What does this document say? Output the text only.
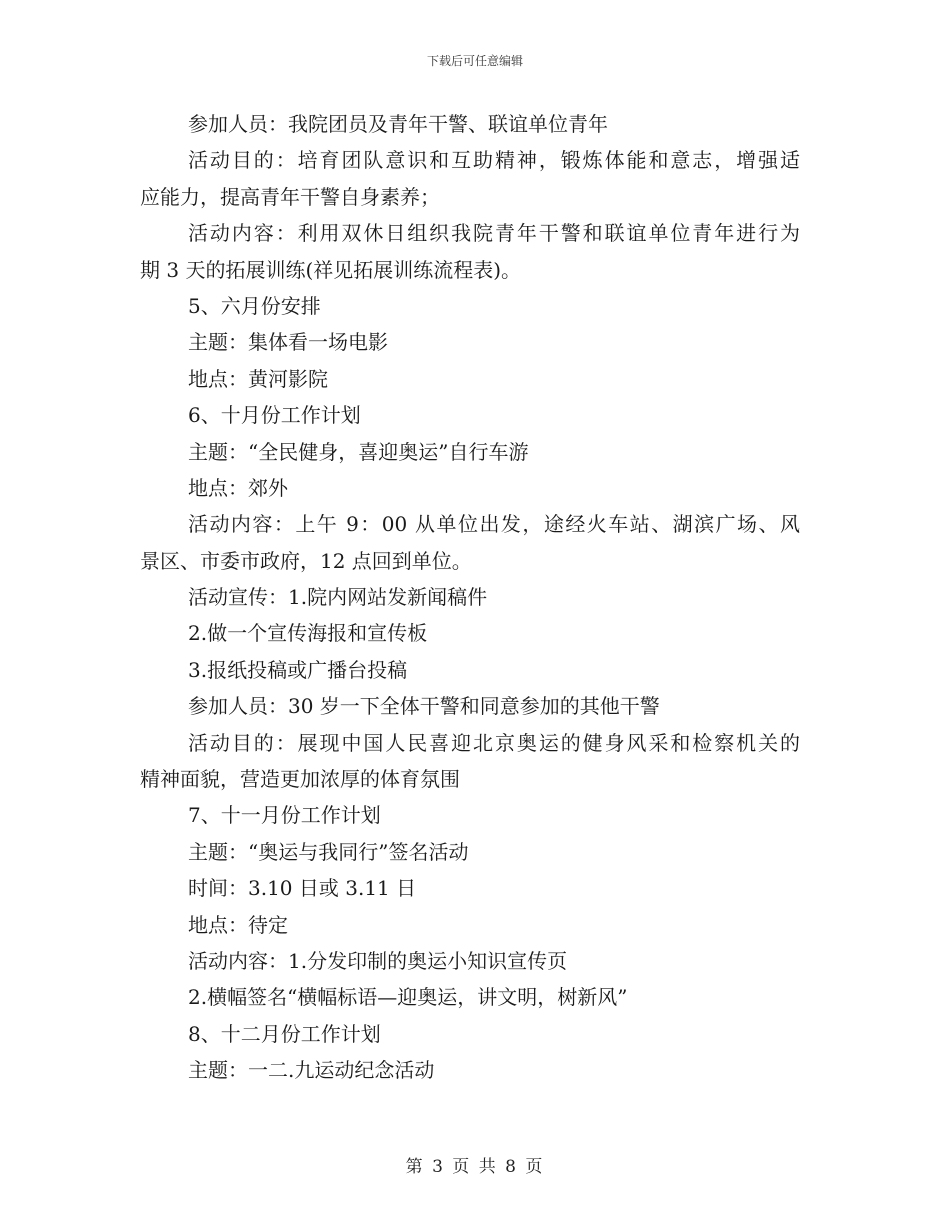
下载后可任意编辑
参加人员：我院团员及青年干警、联谊单位青年
活动目的：培育团队意识和互助精神，锻炼体能和意志，增强适
应能力，提高青年干警自身素养；
活动内容：利用双休日组织我院青年干警和联谊单位青年进行为
期 3 天的拓展训练(祥见拓展训练流程表)。
5、六月份安排
主题：集体看一场电影
地点：黄河影院
6、十月份工作计划
主题：“全民健身，喜迎奥运”自行车游
地点：郊外
活动内容：上午 9：00 从单位出发，途经火车站、湖滨广场、风
景区、市委市政府，12 点回到单位。
活动宣传：1.院内网站发新闻稿件
2.做一个宣传海报和宣传板
3.报纸投稿或广播台投稿
参加人员：30 岁一下全体干警和同意参加的其他干警
活动目的：展现中国人民喜迎北京奥运的健身风采和检察机关的
精神面貌，营造更加浓厚的体育氛围
7、十一月份工作计划
主题：“奥运与我同行”签名活动
时间：3.10 日或 3.11 日
地点：待定
活动内容：1.分发印制的奥运小知识宣传页
2.横幅签名“横幅标语—迎奥运，讲文明，树新风”
8、十二月份工作计划
主题：一二.九运动纪念活动
第 3 页 共 8 页
